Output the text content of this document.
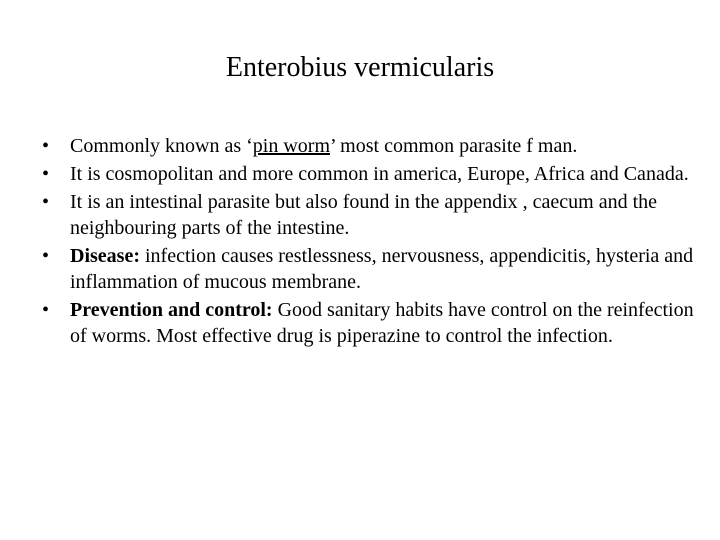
Enterobius vermicularis
•	Commonly known as ‘pin worm’ most common parasite f man.
•	It is cosmopolitan and more common in america, Europe, Africa and Canada.
•	It is an intestinal parasite but also found in the appendix , caecum and the neighbouring parts of the intestine.
•	Disease: infection causes restlessness, nervousness, appendicitis, hysteria and inflammation of mucous membrane.
•	Prevention and control: Good sanitary habits have control on the reinfection of worms. Most effective drug is piperazine to control the infection.
